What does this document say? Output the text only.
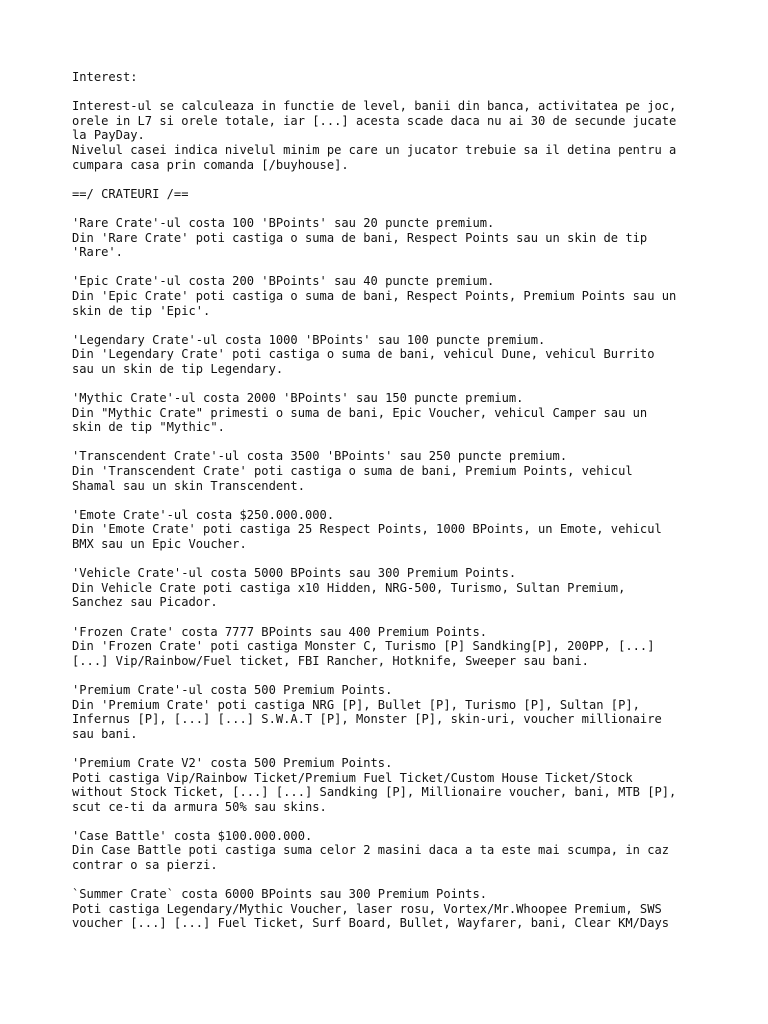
Interest:
Interest-ul se calculeaza in functie de level, banii din banca, activitatea pe joc,
orele in L7 si orele totale, iar [...] acesta scade daca nu ai 30 de secunde jucate
la PayDay.
Nivelul casei indica nivelul minim pe care un jucator trebuie sa il detina pentru a
cumpara casa prin comanda [/buyhouse].
==/ CRATEURI /==
'Rare Crate'-ul costa 100 'BPoints' sau 20 puncte premium.
Din 'Rare Crate' poti castiga o suma de bani, Respect Points sau un skin de tip
'Rare'.
'Epic Crate'-ul costa 200 'BPoints' sau 40 puncte premium.
Din 'Epic Crate' poti castiga o suma de bani, Respect Points, Premium Points sau un
skin de tip 'Epic'.
'Legendary Crate'-ul costa 1000 'BPoints' sau 100 puncte premium.
Din 'Legendary Crate' poti castiga o suma de bani, vehicul Dune, vehicul Burrito
sau un skin de tip Legendary.
'Mythic Crate'-ul costa 2000 'BPoints' sau 150 puncte premium.
Din "Mythic Crate" primesti o suma de bani, Epic Voucher, vehicul Camper sau un
skin de tip "Mythic".
'Transcendent Crate'-ul costa 3500 'BPoints' sau 250 puncte premium.
Din 'Transcendent Crate' poti castiga o suma de bani, Premium Points, vehicul
Shamal sau un skin Transcendent.
'Emote Crate'-ul costa $250.000.000.
Din 'Emote Crate' poti castiga 25 Respect Points, 1000 BPoints, un Emote, vehicul
BMX sau un Epic Voucher.
'Vehicle Crate'-ul costa 5000 BPoints sau 300 Premium Points.
Din Vehicle Crate poti castiga x10 Hidden, NRG-500, Turismo, Sultan Premium,
Sanchez sau Picador.
'Frozen Crate' costa 7777 BPoints sau 400 Premium Points.
Din 'Frozen Crate' poti castiga Monster C, Turismo [P] Sandking[P], 200PP, [...]
[...] Vip/Rainbow/Fuel ticket, FBI Rancher, Hotknife, Sweeper sau bani.
'Premium Crate'-ul costa 500 Premium Points.
Din 'Premium Crate' poti castiga NRG [P], Bullet [P], Turismo [P], Sultan [P],
Infernus [P], [...] [...] S.W.A.T [P], Monster [P], skin-uri, voucher millionaire
sau bani.
'Premium Crate V2' costa 500 Premium Points.
Poti castiga Vip/Rainbow Ticket/Premium Fuel Ticket/Custom House Ticket/Stock
without Stock Ticket, [...] [...] Sandking [P], Millionaire voucher, bani, MTB [P],
scut ce-ti da armura 50% sau skins.
'Case Battle' costa $100.000.000.
Din Case Battle poti castiga suma celor 2 masini daca a ta este mai scumpa, in caz
contrar o sa pierzi.
`Summer Crate` costa 6000 BPoints sau 300 Premium Points.
Poti castiga Legendary/Mythic Voucher, laser rosu, Vortex/Mr.Whoopee Premium, SWS
voucher [...] [...] Fuel Ticket, Surf Board, Bullet, Wayfarer, bani, Clear KM/Days
